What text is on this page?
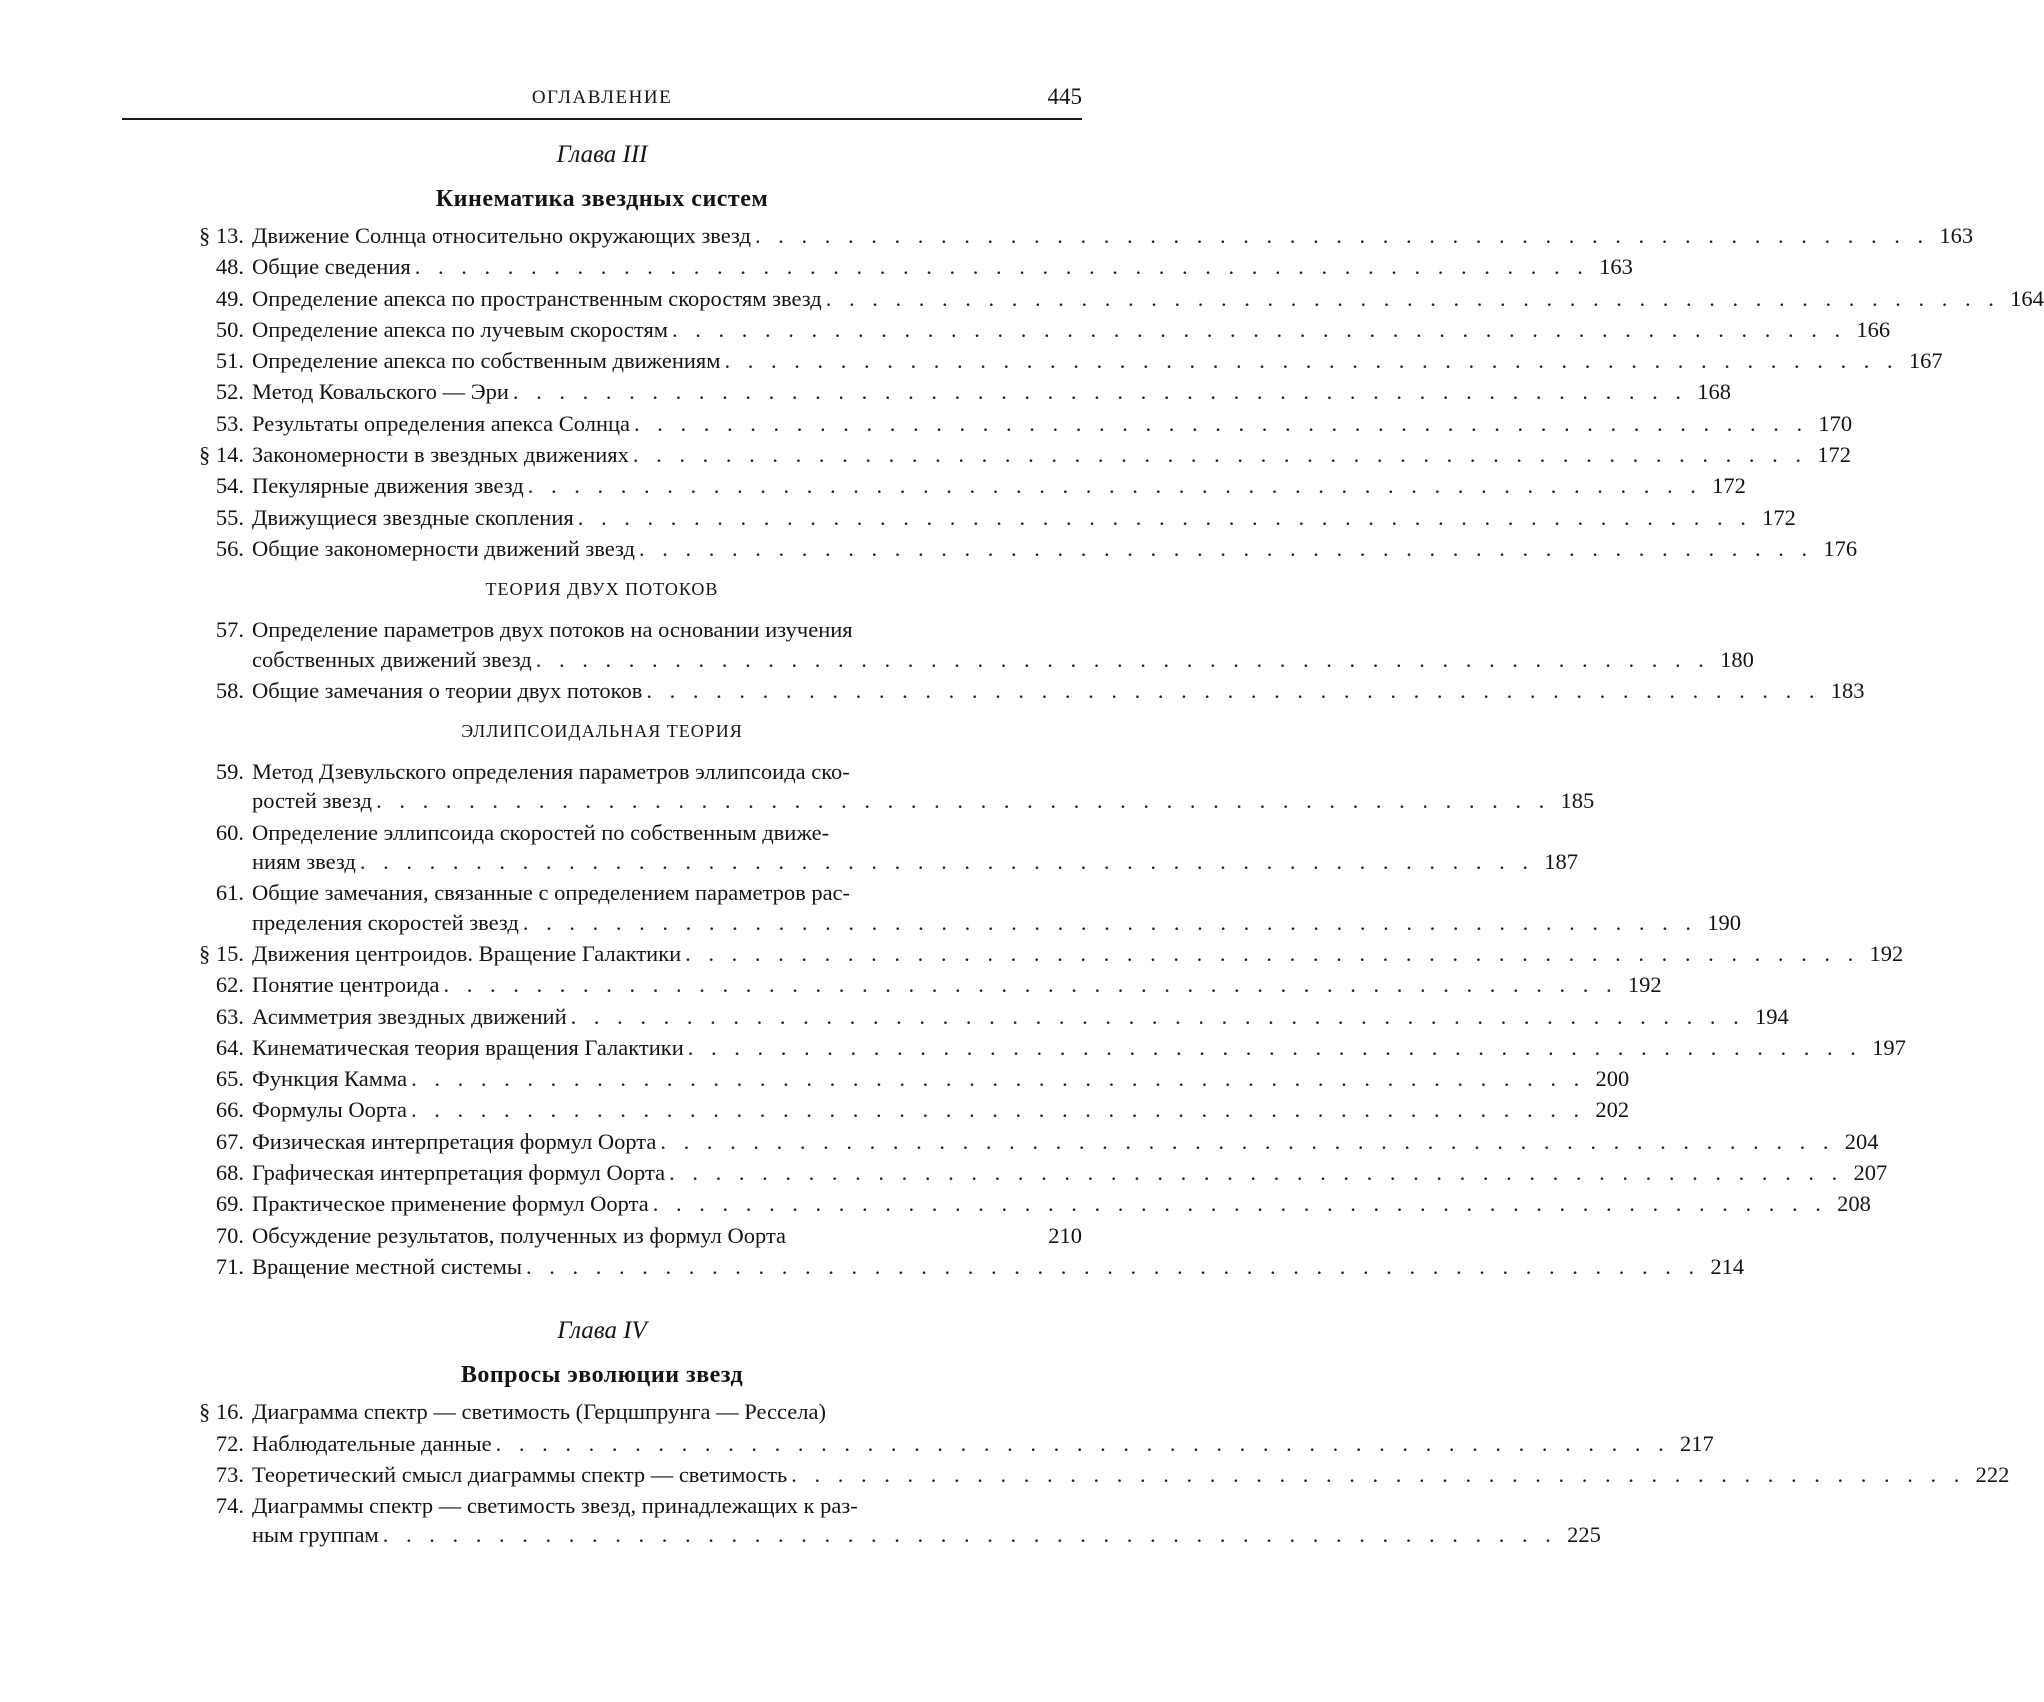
ОГЛАВЛЕНИЕ	445
Глава III
Кинематика звездных систем
§ 13. Движение Солнца относительно окружающих звезд . . . . . . . . . . . . . . . . . . . . . . . . . . . . . . . . . . . . . . . . . . . . . . . . . . . 163
48. Общие сведения . . . . . . . . . . . . . . . . . . . . . . . . . . . . . . . . . . . . . . . . . . . . . . . . . . . 163
49. Определение апекса по пространственным скоростям звезд . . . . . . . . . . . . . . . . . . . . . . . . . . . . . . . . . . . . . . . . . . . . . . . . . . . 164
50. Определение апекса по лучевым скоростям . . . . . . . . . . . . . . . . . . . . . . . . . . . . . . . . . . . . . . . . . . . . . . . . . . . 166
51. Определение апекса по собственным движениям . . . . . . . . . . . . . . . . . . . . . . . . . . . . . . . . . . . . . . . . . . . . . . . . . . . 167
52. Метод Ковальского — Эри . . . . . . . . . . . . . . . . . . . . . . . . . . . . . . . . . . . . . . . . . . . . . . . . . . . 168
53. Результаты определения апекса Солнца . . . . . . . . . . . . . . . . . . . . . . . . . . . . . . . . . . . . . . . . . . . . . . . . . . . 170
§ 14. Закономерности в звездных движениях . . . . . . . . . . . . . . . . . . . . . . . . . . . . . . . . . . . . . . . . . . . . . . . . . . . 172
54. Пекулярные движения звезд . . . . . . . . . . . . . . . . . . . . . . . . . . . . . . . . . . . . . . . . . . . . . . . . . . . 172
55. Движущиеся звездные скопления . . . . . . . . . . . . . . . . . . . . . . . . . . . . . . . . . . . . . . . . . . . . . . . . . . . 172
56. Общие закономерности движений звезд . . . . . . . . . . . . . . . . . . . . . . . . . . . . . . . . . . . . . . . . . . . . . . . . . . . 176
ТЕОРИЯ ДВУХ ПОТОКОВ
57. Определение параметров двух потоков на основании изучения
собственных движений звезд . . . . . . . . . . . . . . . . . . . . . . . . . . . . . . . . . . . . . . . . . . . . . . . . . . . 180
58. Общие замечания о теории двух потоков . . . . . . . . . . . . . . . . . . . . . . . . . . . . . . . . . . . . . . . . . . . . . . . . . . . 183
ЭЛЛИПСОИДАЛЬНАЯ ТЕОРИЯ
59. Метод Дзевульского определения параметров эллипсоида ско-
ростей звезд . . . . . . . . . . . . . . . . . . . . . . . . . . . . . . . . . . . . . . . . . . . . . . . . . . . 185
60. Определение эллипсоида скоростей по собственным движе-
ниям звезд . . . . . . . . . . . . . . . . . . . . . . . . . . . . . . . . . . . . . . . . . . . . . . . . . . . 187
61. Общие замечания, связанные с определением параметров рас-
пределения скоростей звезд . . . . . . . . . . . . . . . . . . . . . . . . . . . . . . . . . . . . . . . . . . . . . . . . . . . 190
§ 15. Движения центроидов. Вращение Галактики . . . . . . . . . . . . . . . . . . . . . . . . . . . . . . . . . . . . . . . . . . . . . . . . . . . 192
62. Понятие центроида . . . . . . . . . . . . . . . . . . . . . . . . . . . . . . . . . . . . . . . . . . . . . . . . . . . 192
63. Асимметрия звездных движений . . . . . . . . . . . . . . . . . . . . . . . . . . . . . . . . . . . . . . . . . . . . . . . . . . . 194
64. Кинематическая теория вращения Галактики . . . . . . . . . . . . . . . . . . . . . . . . . . . . . . . . . . . . . . . . . . . . . . . . . . . 197
65. Функция Камма . . . . . . . . . . . . . . . . . . . . . . . . . . . . . . . . . . . . . . . . . . . . . . . . . . . 200
66. Формулы Оорта . . . . . . . . . . . . . . . . . . . . . . . . . . . . . . . . . . . . . . . . . . . . . . . . . . . 202
67. Физическая интерпретация формул Оорта . . . . . . . . . . . . . . . . . . . . . . . . . . . . . . . . . . . . . . . . . . . . . . . . . . . 204
68. Графическая интерпретация формул Оорта . . . . . . . . . . . . . . . . . . . . . . . . . . . . . . . . . . . . . . . . . . . . . . . . . . . 207
69. Практическое применение формул Оорта . . . . . . . . . . . . . . . . . . . . . . . . . . . . . . . . . . . . . . . . . . . . . . . . . . . 208
70. Обсуждение результатов, полученных из формул Оорта	210
71. Вращение местной системы . . . . . . . . . . . . . . . . . . . . . . . . . . . . . . . . . . . . . . . . . . . . . . . . . . . 214
Глава IV
Вопросы эволюции звезд
§ 16. Диаграмма спектр — светимость (Герцшпрунга — Рессела)
72. Наблюдательные данные . . . . . . . . . . . . . . . . . . . . . . . . . . . . . . . . . . . . . . . . . . . . . . . . . . . 217
73. Теоретический смысл диаграммы спектр — светимость . . . . . . . . . . . . . . . . . . . . . . . . . . . . . . . . . . . . . . . . . . . . . . . . . . . 222
74. Диаграммы спектр — светимость звезд, принадлежащих к раз-
ным группам . . . . . . . . . . . . . . . . . . . . . . . . . . . . . . . . . . . . . . . . . . . . . . . . . . . 225
